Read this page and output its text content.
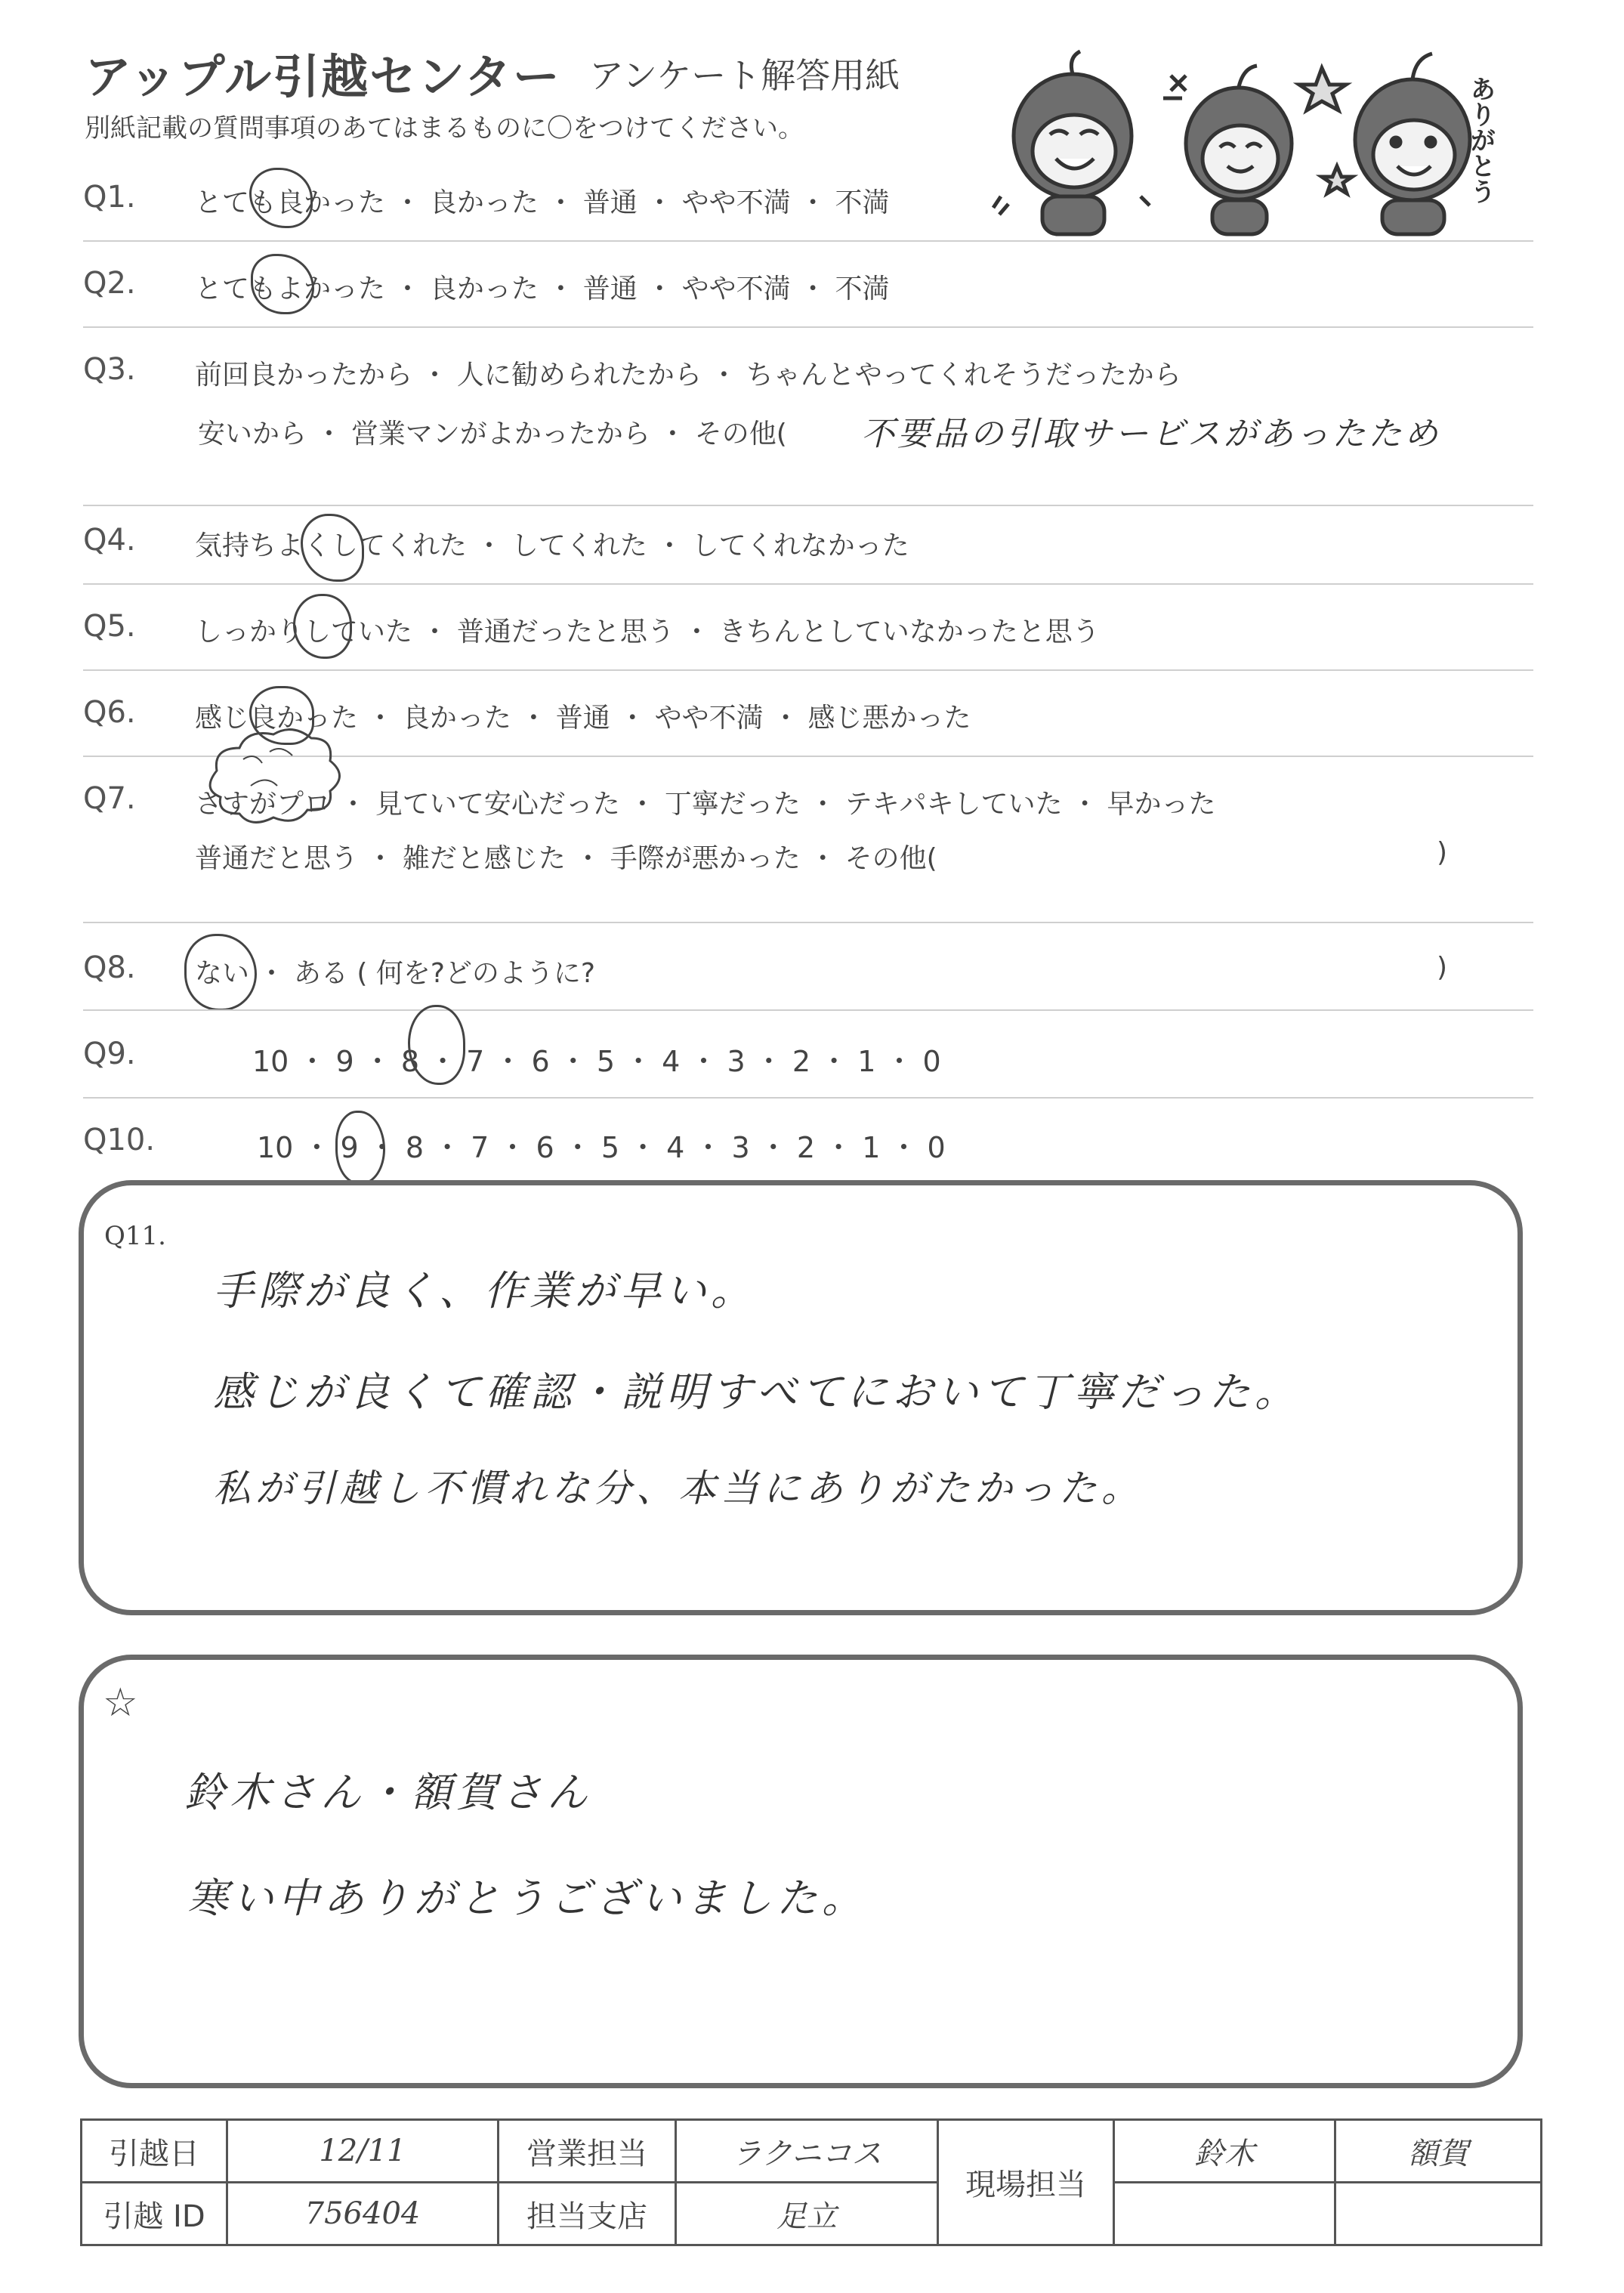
アップル引越センター アンケート解答用紙
別紙記載の質問事項のあてはまるものに〇をつけてください。	ありがとう
Q1. とても良かった ・ 良かった ・ 普通 ・ やや不満 ・ 不満
Q2. とてもよかった ・ 良かった ・ 普通 ・ やや不満 ・ 不満
Q3. 前回良かったから ・ 人に勧められたから ・ ちゃんとやってくれそうだったから
安いから ・ 営業マンがよかったから ・ その他( 不要品の引取サービスがあったため
Q4. 気持ちよくしてくれた ・ してくれた ・ してくれなかった
Q5. しっかりしていた ・ 普通だったと思う ・ きちんとしていなかったと思う
Q6. 感じ良かった ・ 良かった ・ 普通 ・ やや不満 ・ 感じ悪かった
Q7. さすがプロ ・ 見ていて安心だった ・ 丁寧だった ・ テキパキしていた ・ 早かった
普通だと思う ・ 雑だと感じた ・ 手際が悪かった ・ その他(	)
Q8. ない ・ ある ( 何を?どのように?	)
Q9.	10 ・ 9 ・ 8 ・ 7 ・ 6 ・ 5 ・ 4 ・ 3 ・ 2 ・ 1 ・ 0
Q10.	10 ・ 9 ・ 8 ・ 7 ・ 6 ・ 5 ・ 4 ・ 3 ・ 2 ・ 1 ・ 0
Q11.
手際が良く、作業が早い。
感じが良くて確認・説明すべてにおいて丁寧だった。
私が引越し不慣れな分、本当にありがたかった。
☆
鈴木さん・額賀さん
寒い中ありがとうございました。
引越日	12/11	営業担当	ラクニコス	現場担当	鈴木	額賀
引越 ID	756404	担当支店	足立			
